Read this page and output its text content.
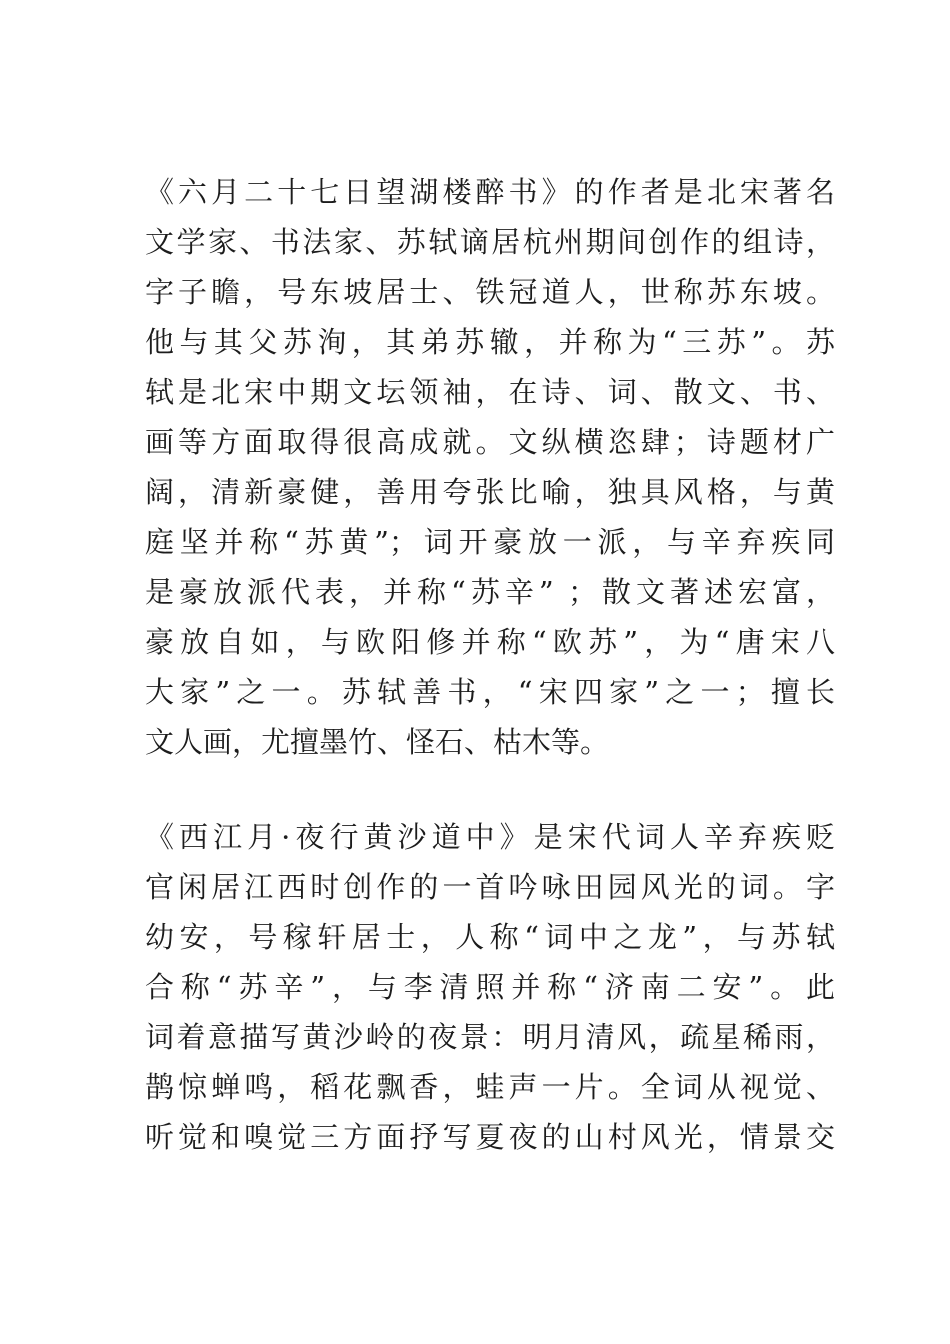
《六月二十七日望湖楼醉书》的作者是北宋著名
文学家、书法家、苏轼谪居杭州期间创作的组诗，
字子瞻，号东坡居士、铁冠道人，世称苏东坡。
他与其父苏洵，其弟苏辙，并称为“三苏”。苏
轼是北宋中期文坛领袖，在诗、词、散文、书、
画等方面取得很高成就。文纵横恣肆；诗题材广
阔，清新豪健，善用夸张比喻，独具风格，与黄
庭坚并称“苏黄”；词开豪放一派，与辛弃疾同
是豪放派代表，并称“苏辛” ；散文著述宏富，
豪放自如，与欧阳修并称“欧苏”，为“唐宋八
大家”之一。苏轼善书，“宋四家”之一；擅长
文人画，尤擅墨竹、怪石、枯木等。
《西江月·夜行黄沙道中》是宋代词人辛弃疾贬
官闲居江西时创作的一首吟咏田园风光的词。字
幼安，号稼轩居士，人称“词中之龙”，与苏轼
合称“苏辛”，与李清照并称“济南二安”。此
词着意描写黄沙岭的夜景：明月清风，疏星稀雨，
鹊惊蝉鸣，稻花飘香，蛙声一片。全词从视觉、
听觉和嗅觉三方面抒写夏夜的山村风光，情景交
